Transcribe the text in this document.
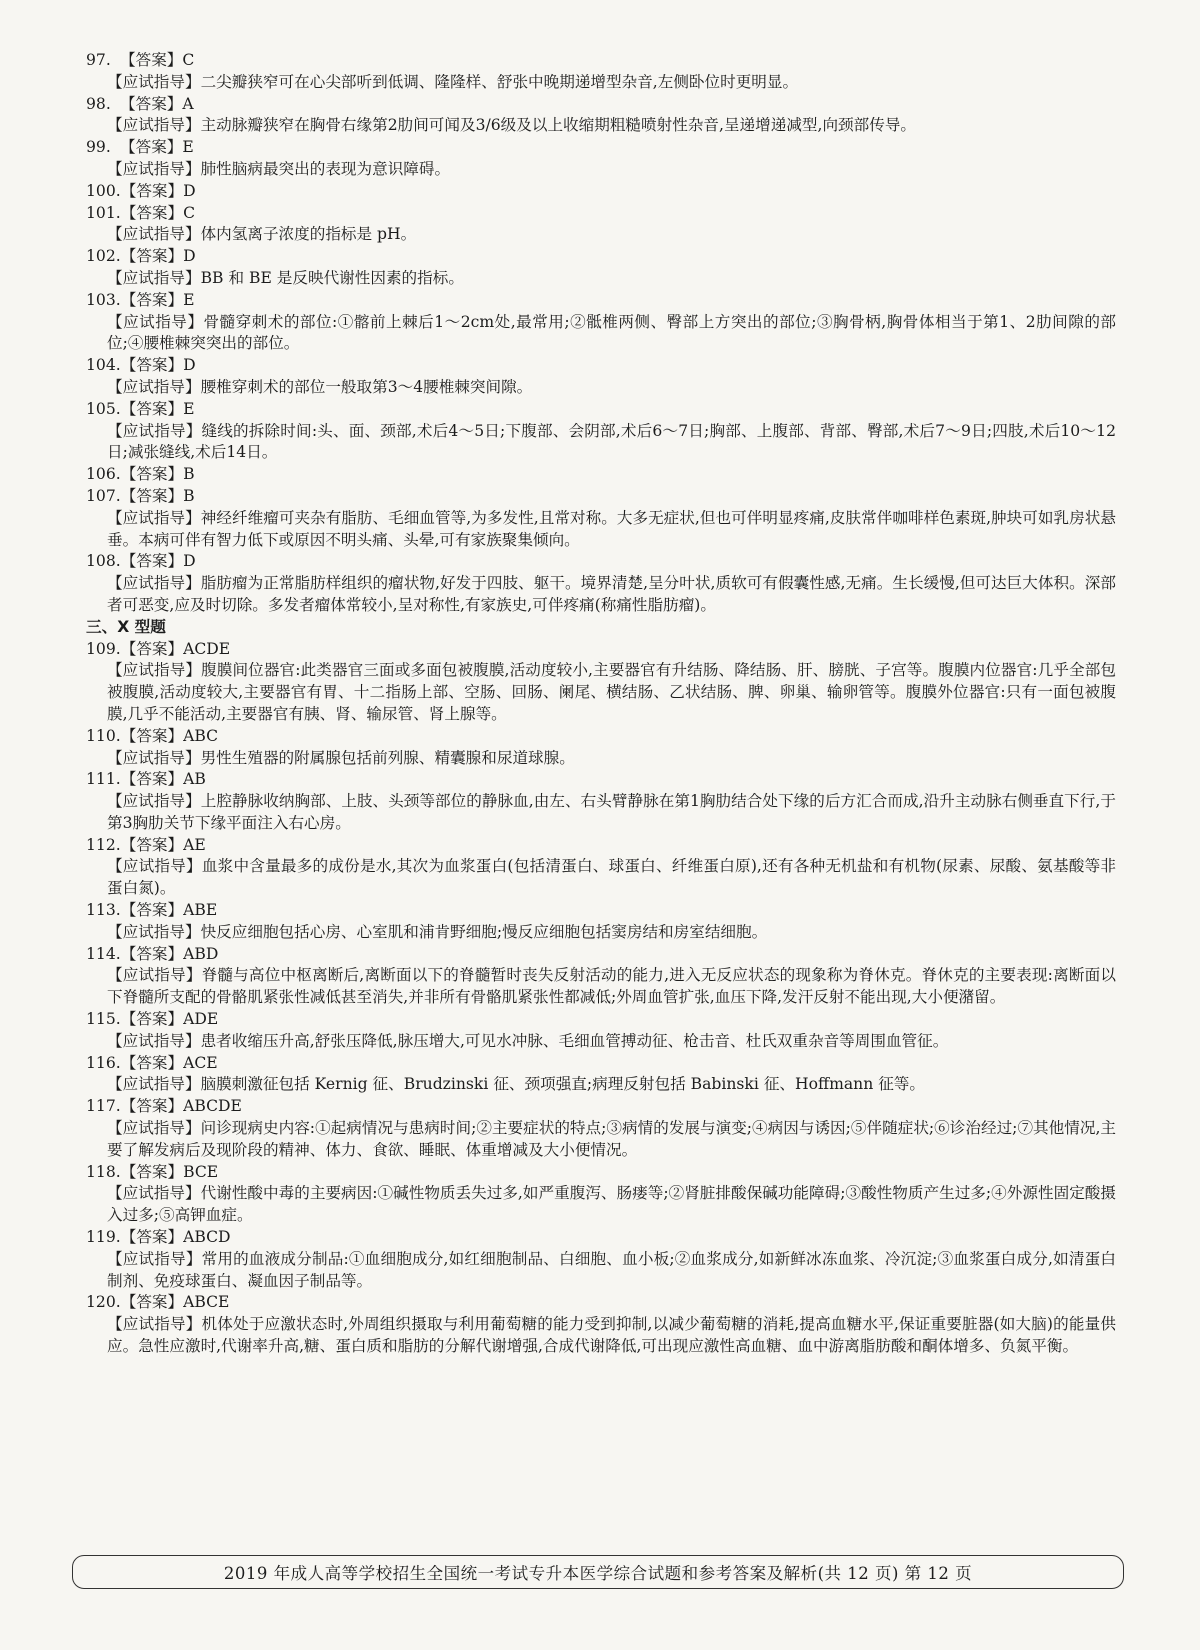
97. 【答案】C
【应试指导】二尖瓣狭窄可在心尖部听到低调、隆隆样、舒张中晚期递增型杂音,左侧卧位时更明显。
98. 【答案】A
【应试指导】主动脉瓣狭窄在胸骨右缘第2肋间可闻及3/6级及以上收缩期粗糙喷射性杂音,呈递增递减型,向颈部传导。
99. 【答案】E
【应试指导】肺性脑病最突出的表现为意识障碍。
100.【答案】D
101.【答案】C
【应试指导】体内氢离子浓度的指标是 pH。
102.【答案】D
【应试指导】BB 和 BE 是反映代谢性因素的指标。
103.【答案】E
【应试指导】骨髓穿刺术的部位:①髂前上棘后1～2cm处,最常用;②骶椎两侧、臀部上方突出的部位;③胸骨柄,胸骨体相当于第1、2肋间隙的部位;④腰椎棘突突出的部位。
104.【答案】D
【应试指导】腰椎穿刺术的部位一般取第3～4腰椎棘突间隙。
105.【答案】E
【应试指导】缝线的拆除时间:头、面、颈部,术后4～5日;下腹部、会阴部,术后6～7日;胸部、上腹部、背部、臀部,术后7～9日;四肢,术后10～12日;减张缝线,术后14日。
106.【答案】B
107.【答案】B
【应试指导】神经纤维瘤可夹杂有脂肪、毛细血管等,为多发性,且常对称。大多无症状,但也可伴明显疼痛,皮肤常伴咖啡样色素斑,肿块可如乳房状悬垂。本病可伴有智力低下或原因不明头痛、头晕,可有家族聚集倾向。
108.【答案】D
【应试指导】脂肪瘤为正常脂肪样组织的瘤状物,好发于四肢、躯干。境界清楚,呈分叶状,质软可有假囊性感,无痛。生长缓慢,但可达巨大体积。深部者可恶变,应及时切除。多发者瘤体常较小,呈对称性,有家族史,可伴疼痛(称痛性脂肪瘤)。
三、X 型题
109.【答案】ACDE
【应试指导】腹膜间位器官:此类器官三面或多面包被腹膜,活动度较小,主要器官有升结肠、降结肠、肝、膀胱、子宫等。腹膜内位器官:几乎全部包被腹膜,活动度较大,主要器官有胃、十二指肠上部、空肠、回肠、阑尾、横结肠、乙状结肠、脾、卵巢、输卵管等。腹膜外位器官:只有一面包被腹膜,几乎不能活动,主要器官有胰、肾、输尿管、肾上腺等。
110.【答案】ABC
【应试指导】男性生殖器的附属腺包括前列腺、精囊腺和尿道球腺。
111.【答案】AB
【应试指导】上腔静脉收纳胸部、上肢、头颈等部位的静脉血,由左、右头臂静脉在第1胸肋结合处下缘的后方汇合而成,沿升主动脉右侧垂直下行,于第3胸肋关节下缘平面注入右心房。
112.【答案】AE
【应试指导】血浆中含量最多的成份是水,其次为血浆蛋白(包括清蛋白、球蛋白、纤维蛋白原),还有各种无机盐和有机物(尿素、尿酸、氨基酸等非蛋白氮)。
113.【答案】ABE
【应试指导】快反应细胞包括心房、心室肌和浦肯野细胞;慢反应细胞包括窦房结和房室结细胞。
114.【答案】ABD
【应试指导】脊髓与高位中枢离断后,离断面以下的脊髓暂时丧失反射活动的能力,进入无反应状态的现象称为脊休克。脊休克的主要表现:离断面以下脊髓所支配的骨骼肌紧张性减低甚至消失,并非所有骨骼肌紧张性都减低;外周血管扩张,血压下降,发汗反射不能出现,大小便潴留。
115.【答案】ADE
【应试指导】患者收缩压升高,舒张压降低,脉压增大,可见水冲脉、毛细血管搏动征、枪击音、杜氏双重杂音等周围血管征。
116.【答案】ACE
【应试指导】脑膜刺激征包括 Kernig 征、Brudzinski 征、颈项强直;病理反射包括 Babinski 征、Hoffmann 征等。
117.【答案】ABCDE
【应试指导】问诊现病史内容:①起病情况与患病时间;②主要症状的特点;③病情的发展与演变;④病因与诱因;⑤伴随症状;⑥诊治经过;⑦其他情况,主要了解发病后及现阶段的精神、体力、食欲、睡眠、体重增减及大小便情况。
118.【答案】BCE
【应试指导】代谢性酸中毒的主要病因:①碱性物质丢失过多,如严重腹泻、肠瘘等;②肾脏排酸保碱功能障碍;③酸性物质产生过多;④外源性固定酸摄入过多;⑤高钾血症。
119.【答案】ABCD
【应试指导】常用的血液成分制品:①血细胞成分,如红细胞制品、白细胞、血小板;②血浆成分,如新鲜冰冻血浆、冷沉淀;③血浆蛋白成分,如清蛋白制剂、免疫球蛋白、凝血因子制品等。
120.【答案】ABCE
【应试指导】机体处于应激状态时,外周组织摄取与利用葡萄糖的能力受到抑制,以减少葡萄糖的消耗,提高血糖水平,保证重要脏器(如大脑)的能量供应。急性应激时,代谢率升高,糖、蛋白质和脂肪的分解代谢增强,合成代谢降低,可出现应激性高血糖、血中游离脂肪酸和酮体增多、负氮平衡。
2019 年成人高等学校招生全国统一考试专升本医学综合试题和参考答案及解析(共 12 页) 第 12 页
